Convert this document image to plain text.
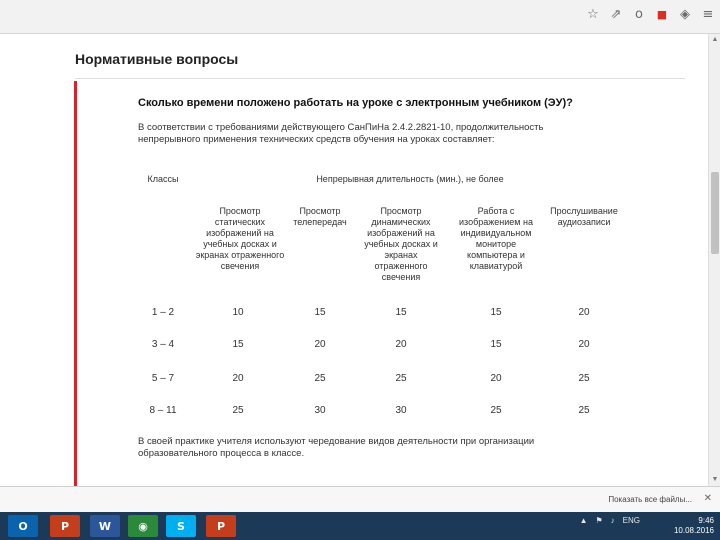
☆ ⇗	o	■ ◈ ≡
Нормативные вопросы
Сколько времени положено работать на уроке с электронным учебником (ЭУ)?
В соответствии с требованиями действующего СанПиНа 2.4.2.2821-10, продолжительность непрерывного применения технических средств обучения на уроках составляет:
Классы	Непрерывная длительность (мин.), не более
Просмотр статических изображений на учебных досках и экранах отраженного свечения
Просмотр телепередач
Просмотр динамических изображений на учебных досках и экранах отраженного свечения
Работа с изображением на индивидуальном мониторе компьютера и клавиатурой
Прослушивание аудиозаписи
1 – 2	10	15	15	15	20
3 – 4	15	20	20	15	20
5 – 7	20	25	25	20	25
8 – 11	25	30	30	25	25
В своей практике учителя используют чередование видов деятельности при организации образовательного процесса в классе.
▲
▼
Показать все файлы... ✕
O	P	W	◉	S	P	▲ ⚑ ♪ ENG	9:46
10.08.2016
